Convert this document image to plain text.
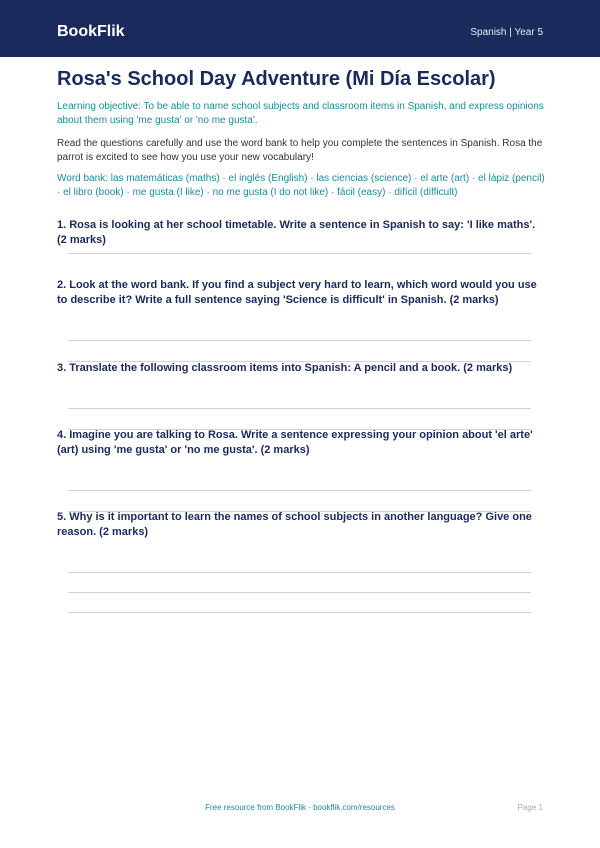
BookFlik	Spanish | Year 5
Rosa's School Day Adventure (Mi Día Escolar)

Learning objective: To be able to name school subjects and classroom items in Spanish, and express opinions about them using 'me gusta' or 'no me gusta'.

Read the questions carefully and use the word bank to help you complete the sentences in Spanish. Rosa the parrot is excited to see how you use your new vocabulary!

Word bank: las matemáticas (maths) · el inglés (English) · las ciencias (science) · el arte (art) · el lápiz (pencil) · el libro (book) · me gusta (I like) · no me gusta (I do not like) · fácil (easy) · difícil (difficult)

1. Rosa is looking at her school timetable. Write a sentence in Spanish to say: 'I like maths'. (2 marks)

2. Look at the word bank. If you find a subject very hard to learn, which word would you use to describe it? Write a full sentence saying 'Science is difficult' in Spanish. (2 marks)

3. Translate the following classroom items into Spanish: A pencil and a book. (2 marks)

4. Imagine you are talking to Rosa. Write a sentence expressing your opinion about 'el arte' (art) using 'me gusta' or 'no me gusta'. (2 marks)

5. Why is it important to learn the names of school subjects in another language? Give one reason. (2 marks)

Free resource from BookFlik · bookflik.com/resources	Page 1
